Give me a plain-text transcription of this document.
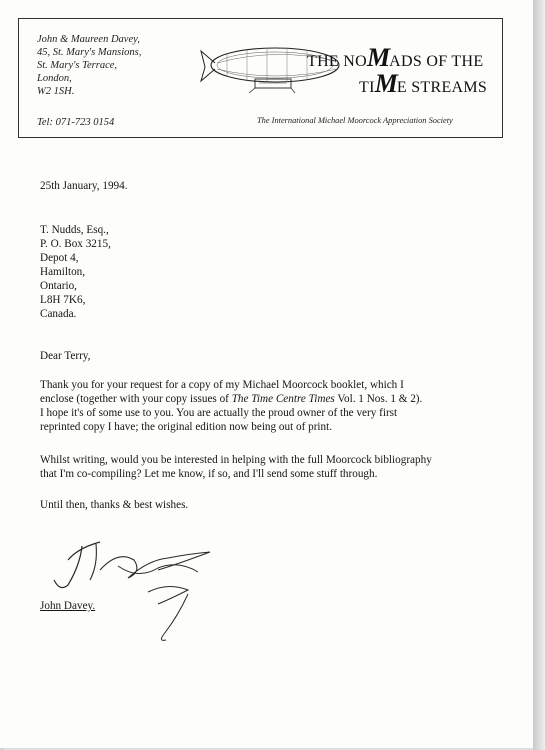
John & Maureen Davey,
45, St. Mary's Mansions,
St. Mary's Terrace,
London,
W2 1SH.
Tel: 071-723 0154
THE NOMADS OF THE
TIME STREAMS
The International Michael Moorcock Appreciation Society
25th January, 1994.
T. Nudds, Esq.,
P. O. Box 3215,
Depot 4,
Hamilton,
Ontario,
L8H 7K6,
Canada.
Dear Terry,
Thank you for your request for a copy of my Michael Moorcock booklet, which I
enclose (together with your copy issues of The Time Centre Times Vol. 1 Nos. 1 & 2).
I hope it's of some use to you. You are actually the proud owner of the very first
reprinted copy I have; the original edition now being out of print.
Whilst writing, would you be interested in helping with the full Moorcock bibliography
that I'm co-compiling? Let me know, if so, and I'll send some stuff through.
Until then, thanks & best wishes.
John Davey.
